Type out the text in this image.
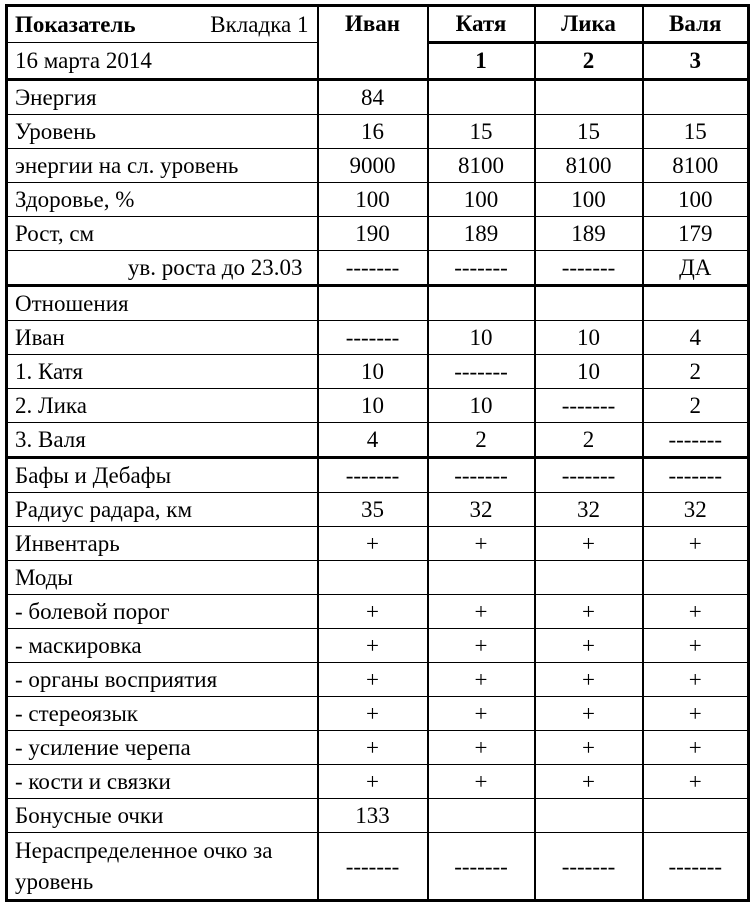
Показатель Вкладка 1	Иван	Катя	Лика	Валя
16 марта 2014		1	2	3
Энергия	84			
Уровень	16	15	15	15
энергии на сл. уровень	9000	8100	8100	8100
Здоровье, %	100	100	100	100
Рост, см	190	189	189	179
ув. роста до 23.03	-------	-------	-------	ДА
Отношения				
Иван	-------	10	10	4
1. Катя	10	-------	10	2
2. Лика	10	10	-------	2
3. Валя	4	2	2	-------
Бафы и Дебафы	-------	-------	-------	-------
Радиус радара, км	35	32	32	32
Инвентарь	+	+	+	+
Моды				
- болевой порог	+	+	+	+
- маскировка	+	+	+	+
- органы восприятия	+	+	+	+
- стереоязык	+	+	+	+
- усиление черепа	+	+	+	+
- кости и связки	+	+	+	+
Бонусные очки	133			
Нераспределенное очко за уровень	-------	-------	-------	-------
